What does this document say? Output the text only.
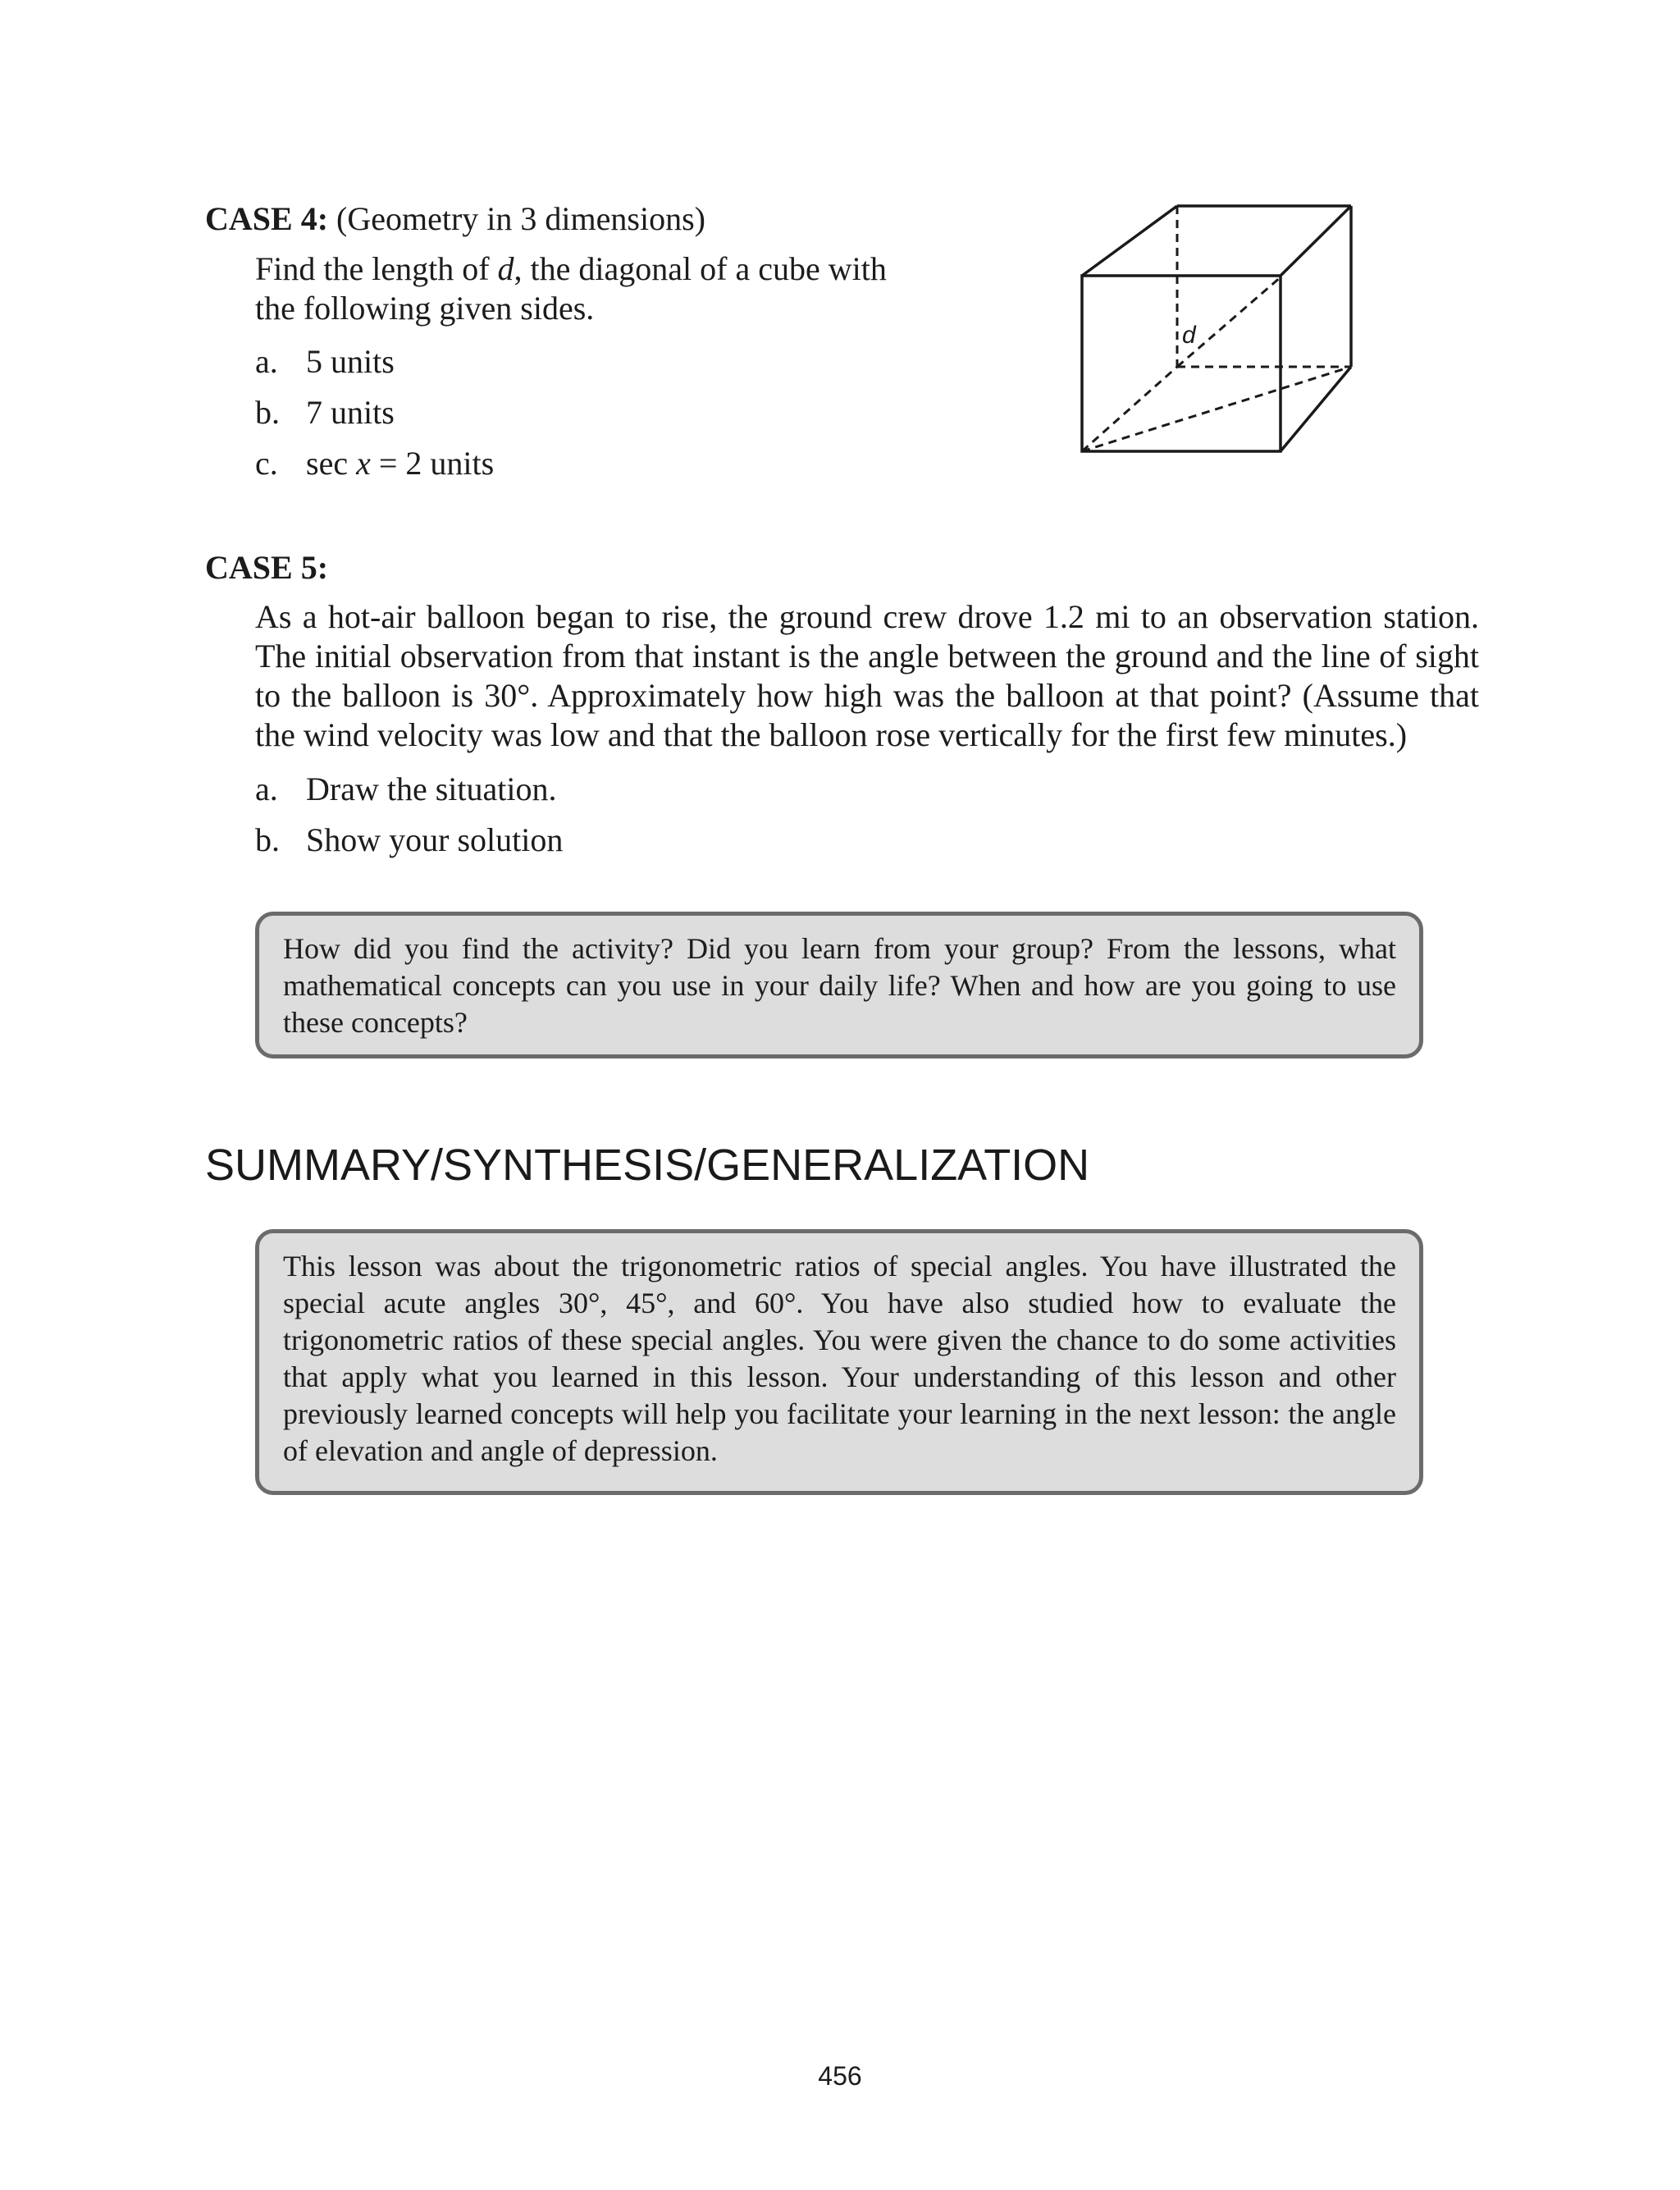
CASE 4: (Geometry in 3 dimensions)
Find the length of d, the diagonal of a cube with
the following given sides.
a. 5 units
b. 7 units
c. sec x = 2 units
d
CASE 5:
As a hot-air balloon began to rise, the ground crew drove 1.2 mi to an observation station. The initial observation from that instant is the angle between the ground and the line of sight to the balloon is 30°. Approximately how high was the balloon at that point? (Assume that the wind velocity was low and that the balloon rose vertically for the first few minutes.)
a. Draw the situation.
b. Show your solution
How did you find the activity? Did you learn from your group? From the lessons, what mathematical concepts can you use in your daily life? When and how are you going to use these concepts?
SUMMARY/SYNTHESIS/GENERALIZATION
This lesson was about the trigonometric ratios of special angles. You have illustrated the special acute angles 30°, 45°, and 60°. You have also studied how to evaluate the trigonometric ratios of these special angles. You were given the chance to do some activities that apply what you learned in this lesson. Your understanding of this lesson and other previously learned concepts will help you facilitate your learning in the next lesson: the angle of elevation and angle of depression.
456
